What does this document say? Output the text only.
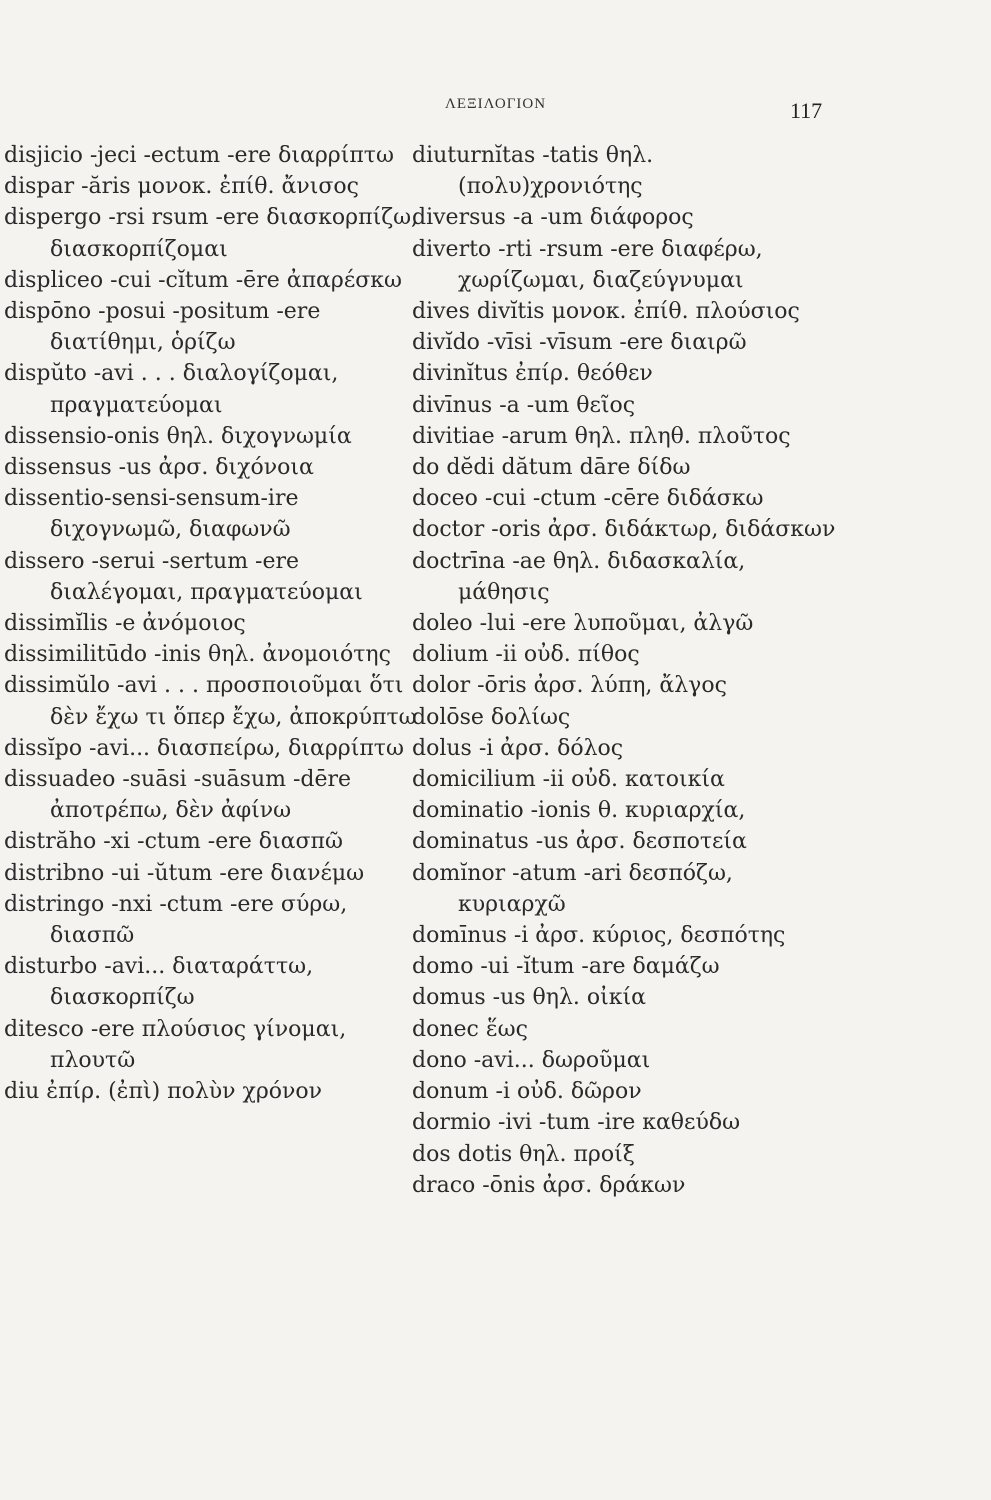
ΛΕΞΙΛΟΓΙΟΝ	117
disjicio -jeci -ectum -ere διαρρίπτω
dispar -ăris μονοκ. ἐπίθ. ἄνισος
dispergo -rsi rsum -ere διασκορπίζω, διασκορπίζομαι
displiceo -cui -cĭtum -ēre ἀπαρέσκω
dispōno -posui -positum -ere διατίθημι, ὁρίζω
dispŭto -avi . . . διαλογίζομαι, πραγματεύομαι
dissensio-onis θηλ. διχογνωμία
dissensus -us ἀρσ. διχόνοια
dissentio-sensi-sensum-ire διχογνωμῶ, διαφωνῶ
dissero -serui -sertum -ere διαλέγομαι, πραγματεύομαι
dissimĭlis -e ἀνόμοιος
dissimilitūdo -inis θηλ. ἀνομοιότης
dissimŭlo -avi . . . προσποιοῦμαι ὅτι δὲν ἔχω τι ὅπερ ἔχω, ἀποκρύπτω
dissĭpo -avi... διασπείρω, διαρρίπτω
dissuadeo -suāsi -suāsum -dēre ἀποτρέπω, δὲν ἀφίνω
distrăho -xi -ctum -ere διασπῶ
distribno -ui -ŭtum -ere διανέμω
distringo -nxi -ctum -ere σύρω, διασπῶ
disturbo -avi... διαταράττω, διασκορπίζω
ditesco -ere πλούσιος γίνομαι, πλουτῶ
diu ἐπίρ. (ἐπὶ) πολὺν χρόνον
diuturnĭtas -tatis θηλ. (πολυ)χρονιότης
diversus -a -um διάφορος
diverto -rti -rsum -ere διαφέρω, χωρίζωμαι, διαζεύγνυμαι
dives divĭtis μονοκ. ἐπίθ. πλούσιος
divĭdo -vīsi -vīsum -ere διαιρῶ
divinĭtus ἐπίρ. θεόθεν
divīnus -a -um θεῖος
divitiae -arum θηλ. πληθ. πλοῦτος
do dĕdi dătum dāre δίδω
doceo -cui -ctum -cēre διδάσκω
doctor -oris ἀρσ. διδάκτωρ, διδάσκων
doctrīna -ae θηλ. διδασκαλία, μάθησις
doleo -lui -ere λυποῦμαι, ἀλγῶ
dolium -ii οὐδ. πίθος
dolor -ōris ἀρσ. λύπη, ἄλγος
dolōse δολίως
dolus -i ἀρσ. δόλος
domicilium -ii οὐδ. κατοικία
dominatio -ionis θ. κυριαρχία,
dominatus -us ἀρσ. δεσποτεία
domĭnor -atum -ari δεσπόζω, κυριαρχῶ
domīnus -i ἀρσ. κύριος, δεσπότης
domo -ui -ĭtum -are δαμάζω
domus -us θηλ. οἰκία
donec ἕως
dono -avi... δωροῦμαι
donum -i οὐδ. δῶρον
dormio -ivi -tum -ire καθεύδω
dos dotis θηλ. προίξ
draco -ōnis ἀρσ. δράκων
